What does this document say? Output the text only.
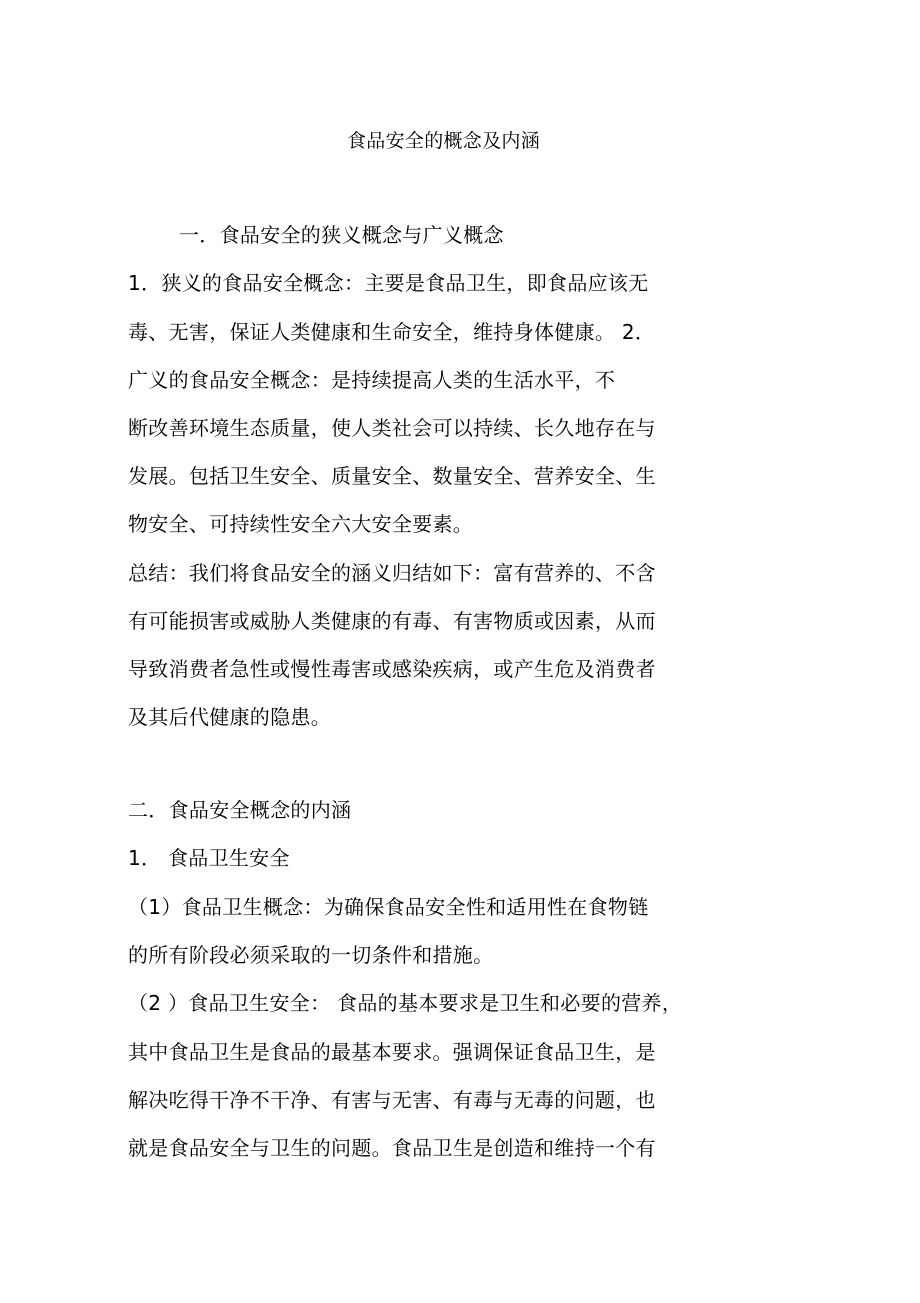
食品安全的概念及内涵
一．食品安全的狭义概念与广义概念
1．狭义的食品安全概念：主要是食品卫生，即食品应该无
毒、无害，保证人类健康和生命安全，维持身体健康。 2．
广义的食品安全概念：是持续提高人类的生活水平，不
断改善环境生态质量，使人类社会可以持续、长久地存在与
发展。包括卫生安全、质量安全、数量安全、营养安全、生
物安全、可持续性安全六大安全要素。
总结：我们将食品安全的涵义归结如下：富有营养的、不含
有可能损害或威胁人类健康的有毒、有害物质或因素，从而
导致消费者急性或慢性毒害或感染疾病，或产生危及消费者
及其后代健康的隐患。
二．食品安全概念的内涵
1． 食品卫生安全
（1）食品卫生概念：为确保食品安全性和适用性在食物链
的所有阶段必须采取的一切条件和措施。
（2 ）食品卫生安全： 食品的基本要求是卫生和必要的营养，
其中食品卫生是食品的最基本要求。强调保证食品卫生，是
解决吃得干净不干净、有害与无害、有毒与无毒的问题，也
就是食品安全与卫生的问题。食品卫生是创造和维持一个有
